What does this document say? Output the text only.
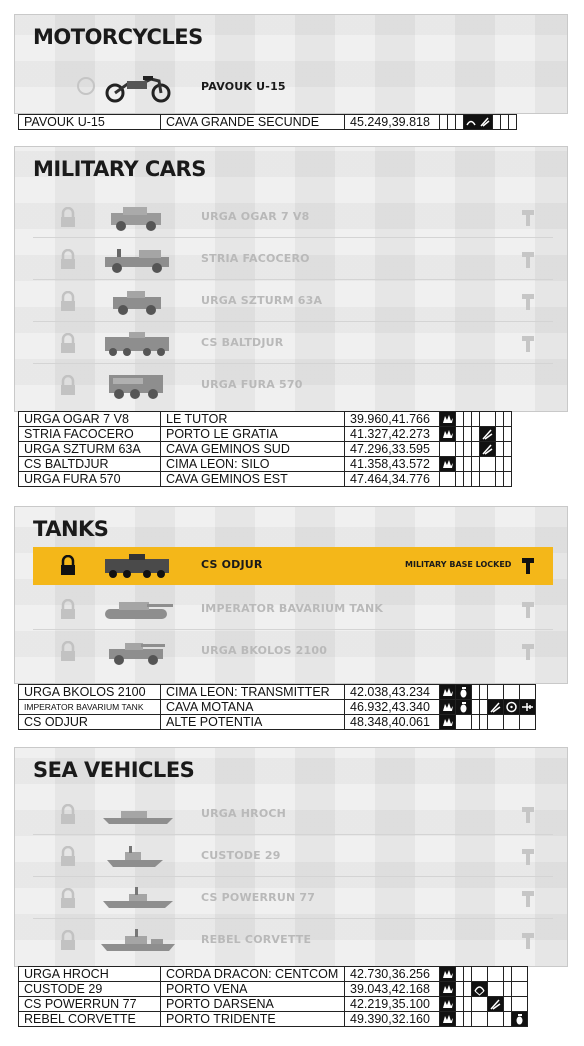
MOTORCYCLES
PAVOUK U-15
PAVOUK U-15	CAVA GRANDE SECUNDE	45.249,39.818				

MILITARY CARS
URGA OGAR 7 V8
STRIA FACOCERO
URGA SZTURM 63A
CS BALTDJUR
URGA FURA 570
URGA OGAR 7 V8	LE TUTOR	39.960,41.766	

STRIA FACOCERO	PORTO LE GRATIA	41.327,42.273	

URGA SZTURM 63A	CAVA GEMINOS SUD	47.296,33.595					

CS BALTDJUR	CIMA LEON: SILO	41.358,43.572	

URGA FURA 570	CAVA GEMINOS EST	47.464,34.776							
TANKS
CS ODJUR	MILITARY BASE LOCKED
IMPERATOR BAVARIUM TANK
URGA BKOLOS 2100
URGA BKOLOS 2100	CIMA LEON: TRANSMITTER	42.038,43.234	

IMPERATOR BAVARIUM TANK	CAVA MOTANA	46.932,43.340	

CS ODJUR	ALTE POTENTIA	48.348,40.061	

SEA VEHICLES
URGA HROCH
CUSTODE 29
CS POWERRUN 77
REBEL CORVETTE
URGA HROCH	CORDA DRACON: CENTCOM	42.730,36.256	

CUSTODE 29	PORTO VENA	39.043,42.168	

CS POWERRUN 77	PORTO DARSENA	42.219,35.100	

REBEL CORVETTE	PORTO TRIDENTE	49.390,32.160	
